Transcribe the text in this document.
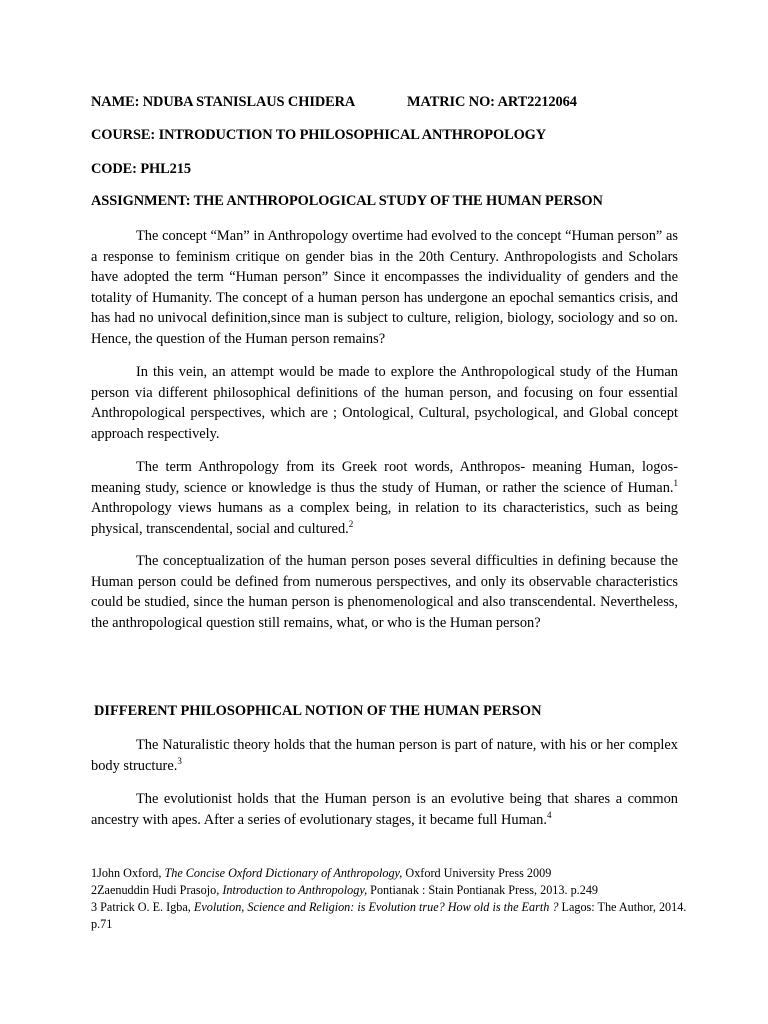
NAME: NDUBA STANISLAUS CHIDERA	MATRIC NO: ART2212064
COURSE: INTRODUCTION TO PHILOSOPHICAL ANTHROPOLOGY
CODE: PHL215
ASSIGNMENT: THE ANTHROPOLOGICAL STUDY OF THE HUMAN PERSON

The concept “Man” in Anthropology overtime had evolved to the concept “Human person” as a response to feminism critique on gender bias in the 20th Century. Anthropologists and Scholars have adopted the term “Human person” Since it encompasses the individuality of genders and the totality of Humanity. The concept of a human person has undergone an epochal semantics crisis, and has had no univocal definition,since man is subject to culture, religion, biology, sociology and so on. Hence, the question of the Human person remains?

In this vein, an attempt would be made to explore the Anthropological study of the Human person via different philosophical definitions of the human person, and focusing on four essential Anthropological perspectives, which are ; Ontological, Cultural, psychological, and Global concept approach respectively.

The term Anthropology from its Greek root words, Anthropos- meaning Human, logos- meaning study, science or knowledge is thus the study of Human, or rather the science of Human.$^1$ Anthropology views humans as a complex being, in relation to its characteristics, such as being physical, transcendental, social and cultured.$^2$

The conceptualization of the human person poses several difficulties in defining because the Human person could be defined from numerous perspectives, and only its observable characteristics could be studied, since the human person is phenomenological and also transcendental. Nevertheless, the anthropological question still remains, what, or who is the Human person?

DIFFERENT PHILOSOPHICAL NOTION OF THE HUMAN PERSON

The Naturalistic theory holds that the human person is part of nature, with his or her complex body structure.$^3$

The evolutionist holds that the Human person is an evolutive being that shares a common ancestry with apes. After a series of evolutionary stages, it became full Human.$^4$

1John Oxford, The Concise Oxford Dictionary of Anthropology, Oxford University Press 2009

2Zaenuddin Hudi Prasojo, Introduction to Anthropology, Pontianak : Stain Pontianak Press, 2013. p.249

3 Patrick O. E. Igba, Evolution, Science and Religion: is Evolution true? How old is the Earth ? Lagos: The Author, 2014. p.71
